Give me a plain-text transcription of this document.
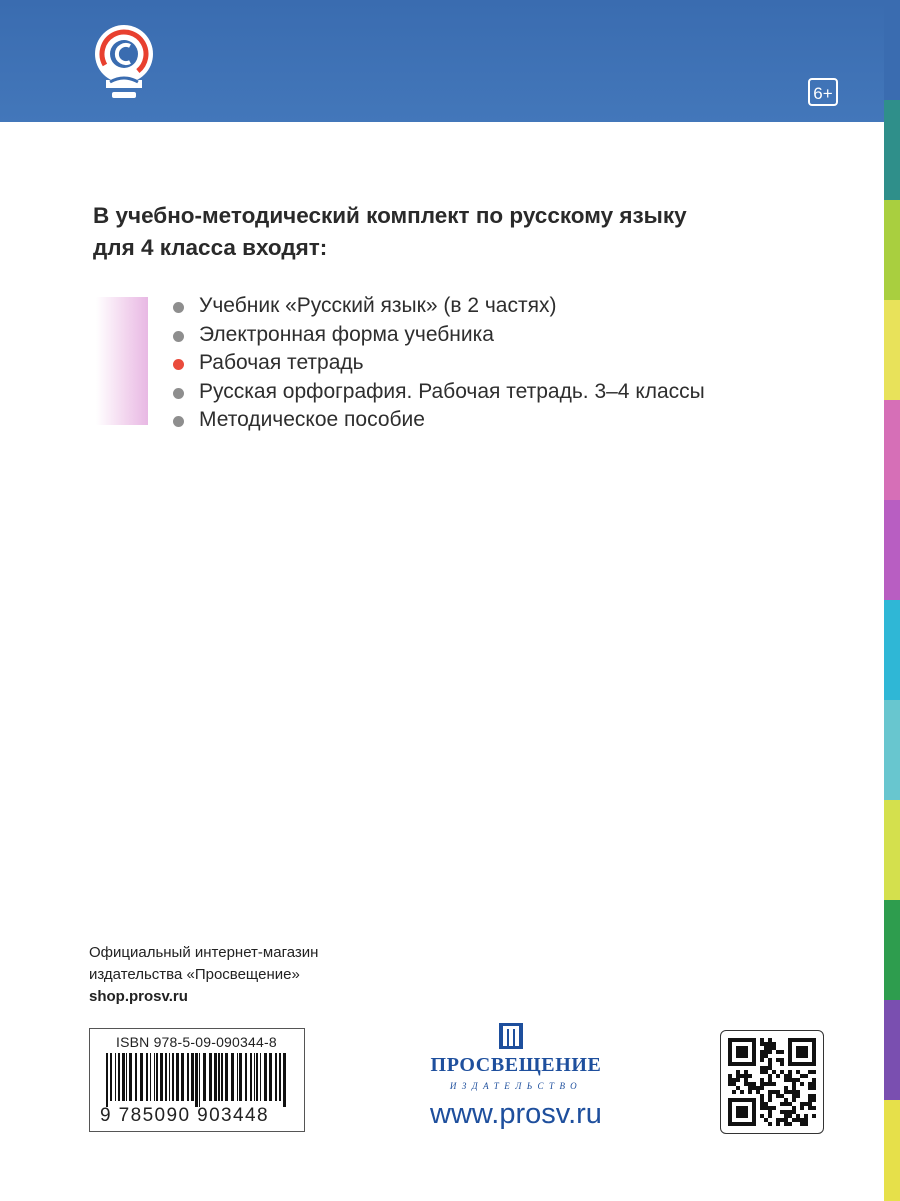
6+
В учебно-методический комплект по русскому языку
для 4 класса входят:
Учебник «Русский язык» (в 2 частях)
Электронная форма учебника
Рабочая тетрадь
Русская орфография. Рабочая тетрадь. 3–4 классы
Методическое пособие
Официальный интернет-магазин
издательства «Просвещение»
shop.prosv.ru
ISBN 978-5-09-090344-8
9 785090 903448
ПРОСВЕЩЕНИЕ
ИЗДАТЕЛЬСТВО
www.prosv.ru
